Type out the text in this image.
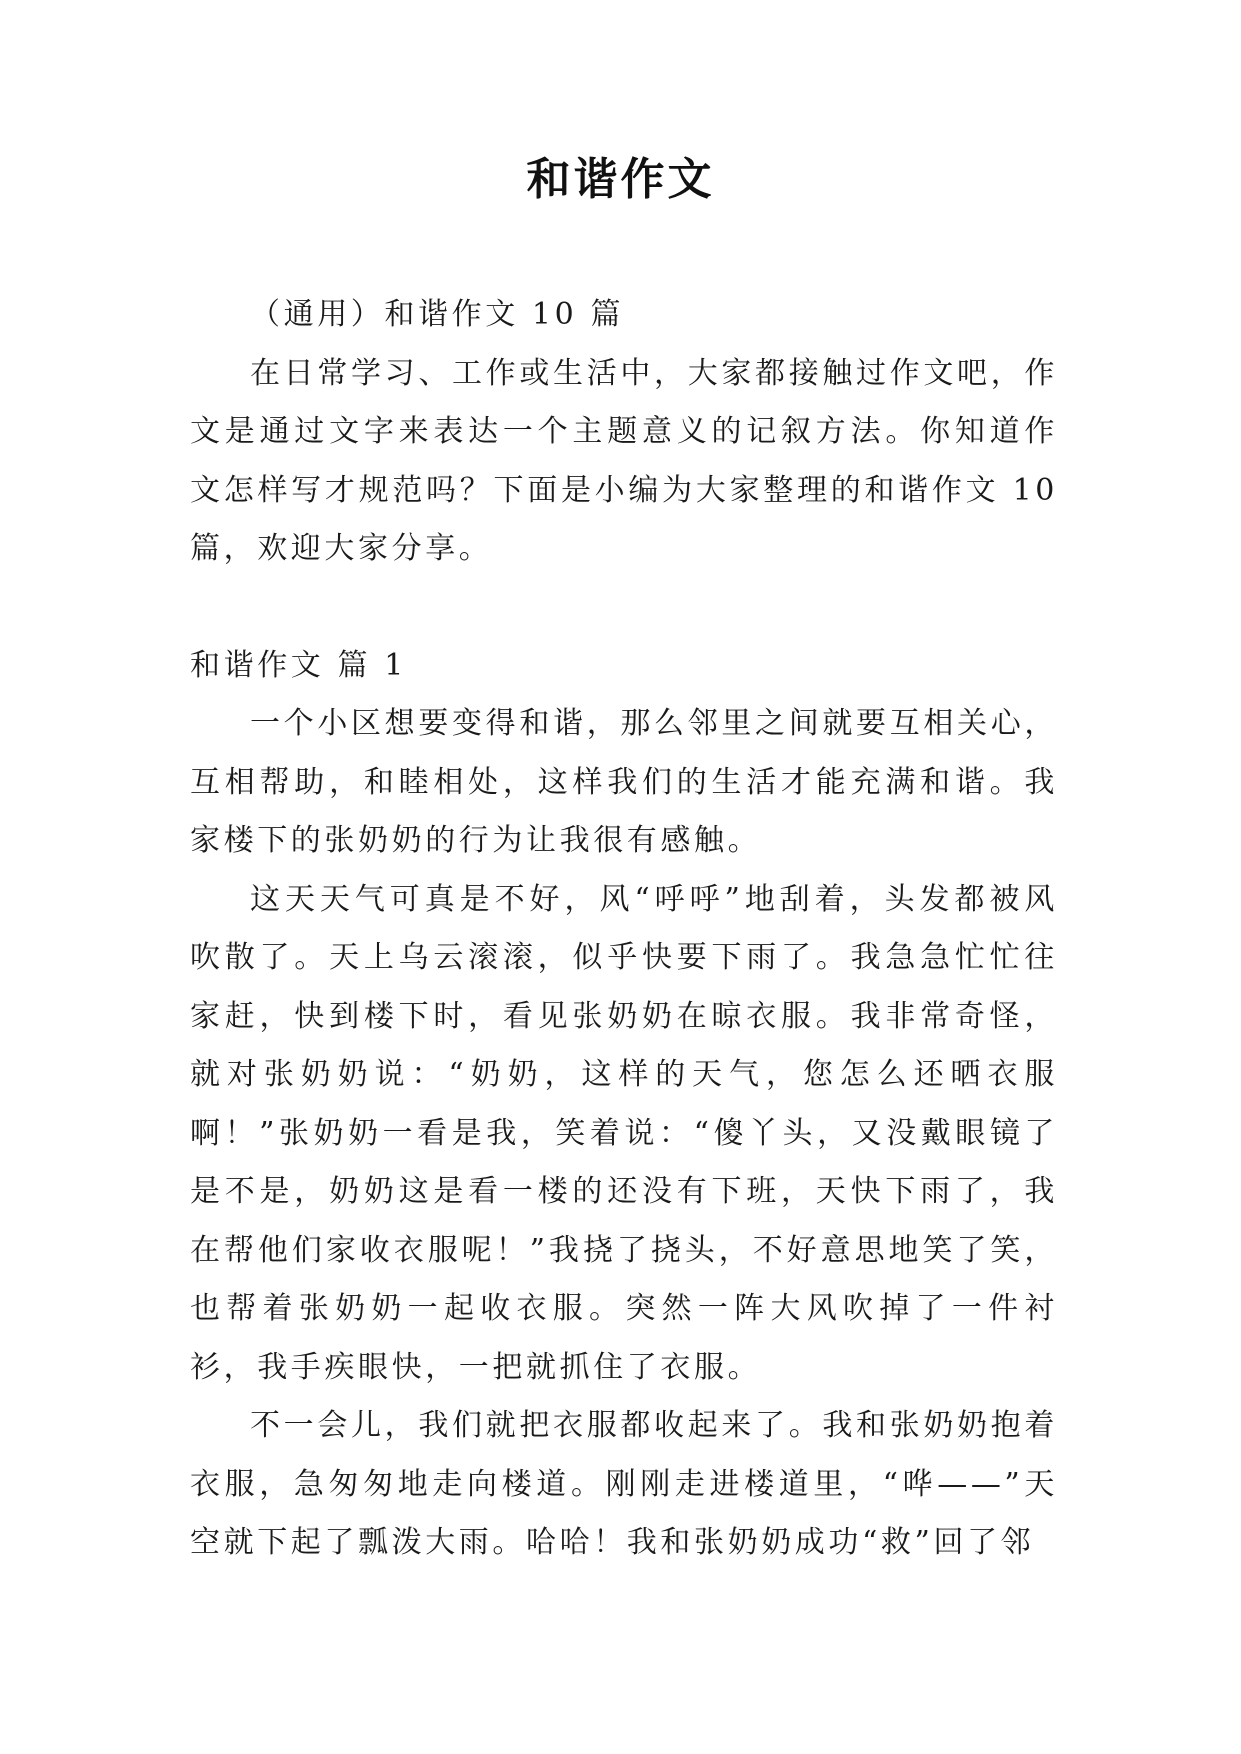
和谐作文

（通用）和谐作文 10 篇

在日常学习、工作或生活中，大家都接触过作文吧，作文是通过文字来表达一个主题意义的记叙方法。你知道作文怎样写才规范吗？下面是小编为大家整理的和谐作文 10 篇，欢迎大家分享。

和谐作文 篇 1

一个小区想要变得和谐，那么邻里之间就要互相关心，互相帮助，和睦相处，这样我们的生活才能充满和谐。我家楼下的张奶奶的行为让我很有感触。

这天天气可真是不好，风“呼呼”地刮着，头发都被风吹散了。天上乌云滚滚，似乎快要下雨了。我急急忙忙往家赶，快到楼下时，看见张奶奶在晾衣服。我非常奇怪，就对张奶奶说：“奶奶，这样的天气，您怎么还晒衣服啊！”张奶奶一看是我，笑着说：“傻丫头，又没戴眼镜了是不是，奶奶这是看一楼的还没有下班，天快下雨了，我在帮他们家收衣服呢！”我挠了挠头，不好意思地笑了笑，也帮着张奶奶一起收衣服。突然一阵大风吹掉了一件衬衫，我手疾眼快，一把就抓住了衣服。

不一会儿，我们就把衣服都收起来了。我和张奶奶抱着衣服，急匆匆地走向楼道。刚刚走进楼道里，“哗——”天空就下起了瓢泼大雨。哈哈！我和张奶奶成功“救”回了邻
